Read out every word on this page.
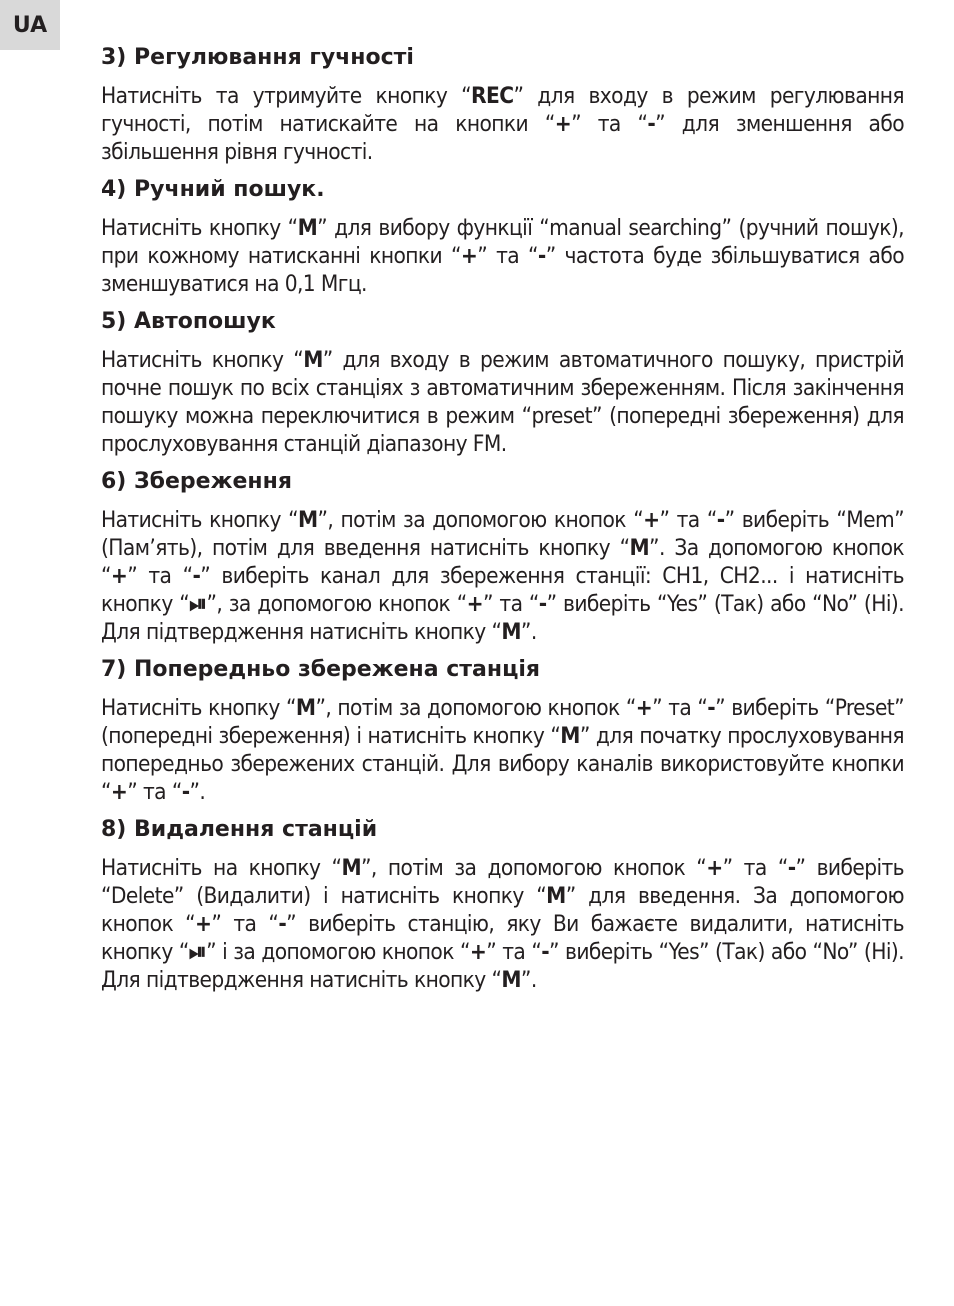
UA

3) Регулювання гучності

Натисніть та утримуйте кнопку “REC” для входу в режим регулювання гучності, потім натискайте на кнопки “+” та “-” для зменшення або збільшення рівня гучності.

4) Ручний пошук.

Натисніть кнопку “M” для вибору функції “manual searching” (ручний пошук), при кожному натисканні кнопки “+” та “-” частота буде збільшуватися або зменшуватися на 0,1 Мгц.

5) Автопошук

Натисніть кнопку “M” для входу в режим автоматичного пошуку, пристрій почне пошук по всіх станціях з автоматичним збереженням. Після закінчення пошуку можна переключитися в режим “preset” (попередні збереження) для прослуховування станцій діапазону FM.

6) Збереження

Натисніть кнопку “M”, потім за допомогою кнопок “+” та “-” виберіть “Mem” (Пам’ять), потім для введення натисніть кнопку “M”. За допомогою кнопок “+” та “-” виберіть канал для збереження станції: CH1, CH2... і натисніть кнопку “⏯”, за допомогою кнопок “+” та “-” виберіть “Yes” (Так) або “No” (Ні). Для підтвердження натисніть кнопку “M”.

7) Попередньо збережена станція

Натисніть кнопку “M”, потім за допомогою кнопок “+” та “-” виберіть “Preset” (попередні збереження) і натисніть кнопку “M” для початку прослуховування попередньо збережених станцій. Для вибору каналів використовуйте кнопки “+” та “-”.

8) Видалення станцій

Натисніть на кнопку “M”, потім за допомогою кнопок “+” та “-” виберіть “Delete” (Видалити) і натисніть кнопку “M” для введення. За допомогою кнопок “+” та “-” виберіть станцію, яку Ви бажаєте видалити, натисніть кнопку “⏯” і за допомогою кнопок “+” та “-” виберіть “Yes” (Так) або “No” (Ні). Для підтвердження натисніть кнопку “M”.
